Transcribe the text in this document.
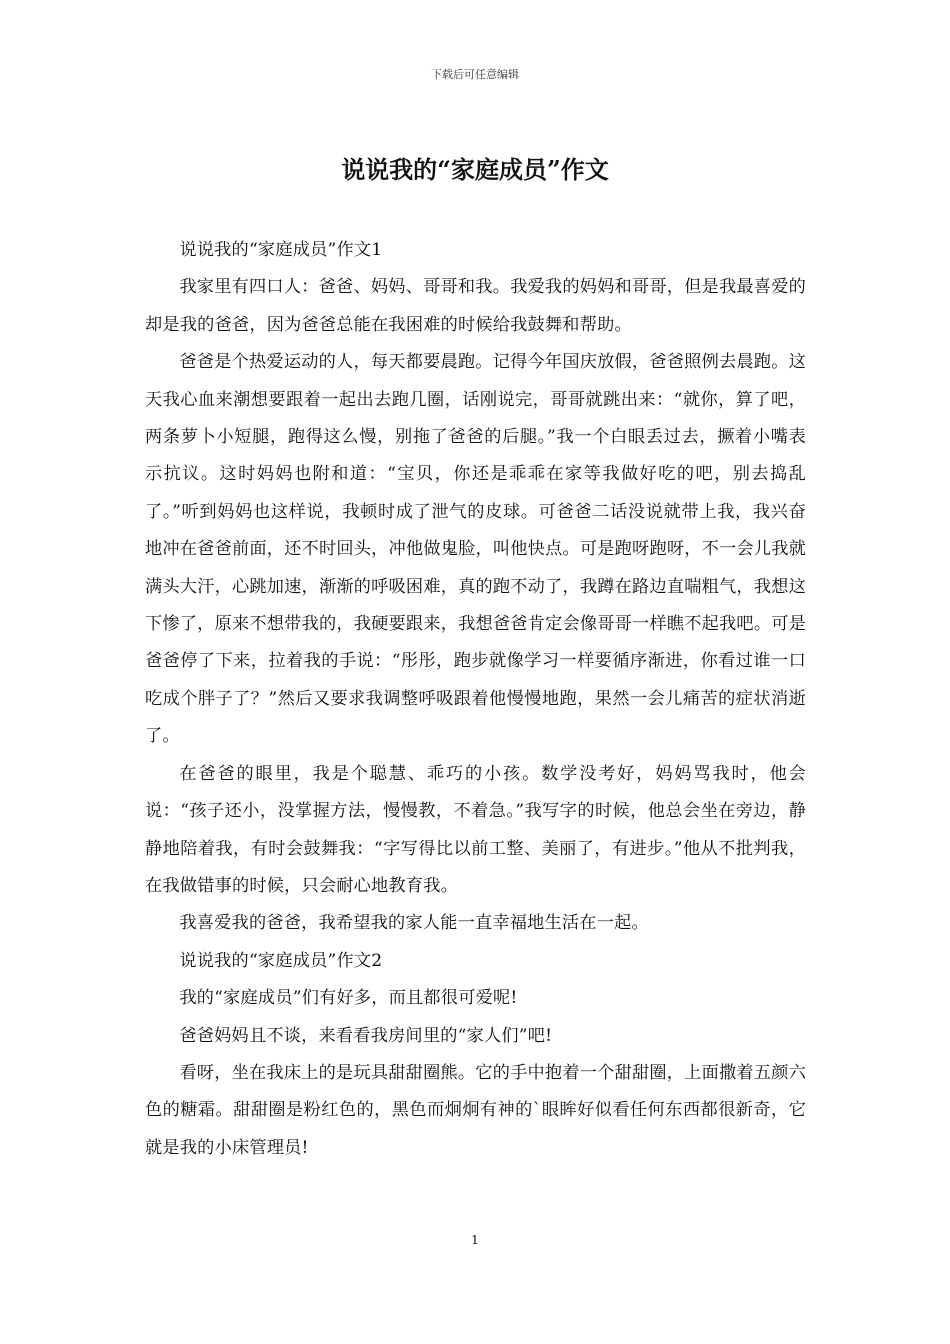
下载后可任意编辑
说说我的“家庭成员”作文

说说我的“家庭成员”作文1

我家里有四口人：爸爸、妈妈、哥哥和我。我爱我的妈妈和哥哥，但是我最喜爱的却是我的爸爸，因为爸爸总能在我困难的时候给我鼓舞和帮助。

爸爸是个热爱运动的人，每天都要晨跑。记得今年国庆放假，爸爸照例去晨跑。这天我心血来潮想要跟着一起出去跑几圈，话刚说完，哥哥就跳出来：“就你，算了吧，两条萝卜小短腿，跑得这么慢，别拖了爸爸的后腿。”我一个白眼丢过去，撅着小嘴表示抗议。这时妈妈也附和道：“宝贝，你还是乖乖在家等我做好吃的吧，别去捣乱了。”听到妈妈也这样说，我顿时成了泄气的皮球。可爸爸二话没说就带上我，我兴奋地冲在爸爸前面，还不时回头，冲他做鬼脸，叫他快点。可是跑呀跑呀，不一会儿我就满头大汗，心跳加速，渐渐的呼吸困难，真的跑不动了，我蹲在路边直喘粗气，我想这下惨了，原来不想带我的，我硬要跟来，我想爸爸肯定会像哥哥一样瞧不起我吧。可是爸爸停了下来，拉着我的手说：“彤彤，跑步就像学习一样要循序渐进，你看过谁一口吃成个胖子了？”然后又要求我调整呼吸跟着他慢慢地跑，果然一会儿痛苦的症状消逝了。

在爸爸的眼里，我是个聪慧、乖巧的小孩。数学没考好，妈妈骂我时，他会说：“孩子还小，没掌握方法，慢慢教，不着急。”我写字的时候，他总会坐在旁边，静静地陪着我，有时会鼓舞我：“字写得比以前工整、美丽了，有进步。”他从不批判我，在我做错事的时候，只会耐心地教育我。

我喜爱我的爸爸，我希望我的家人能一直幸福地生活在一起。

说说我的“家庭成员”作文2

我的“家庭成员”们有好多，而且都很可爱呢!

爸爸妈妈且不谈，来看看我房间里的“家人们”吧!

看呀，坐在我床上的是玩具甜甜圈熊。它的手中抱着一个甜甜圈，上面撒着五颜六色的糖霜。甜甜圈是粉红色的，黑色而炯炯有神的`眼眸好似看任何东西都很新奇，它就是我的小床管理员!

1
